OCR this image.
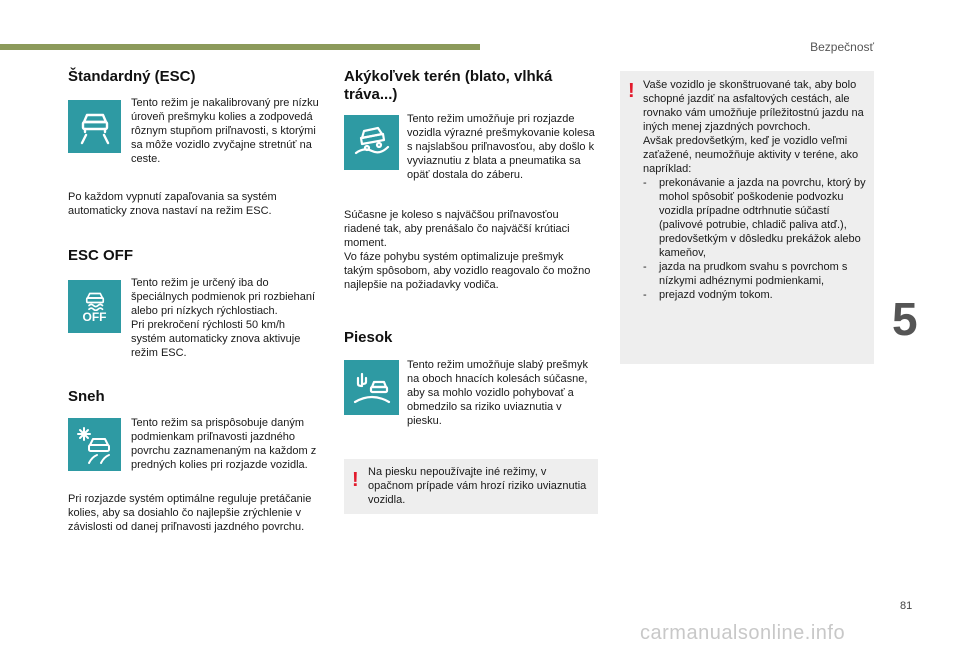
Bezpečnosť
5
81
carmanualsonline.info
Štandardný (ESC)

Tento režim je nakalibrovaný pre nízku úroveň prešmyku kolies a zodpovedá rôznym stupňom priľnavosti, s ktorými sa môže vozidlo zvyčajne stretnúť na ceste.

Po každom vypnutí zapaľovania sa systém automaticky znova nastaví na režim ESC.

ESC OFF
OFF

Tento režim je určený iba do špeciálnych podmienok pri rozbiehaní alebo pri nízkych rýchlostiach.
Pri prekročení rýchlosti 50 km/h systém automaticky znova aktivuje režim ESC.

Sneh

Tento režim sa prispôsobuje daným podmienkam priľnavosti jazdného povrchu zaznamenaným na každom z predných kolies pri rozjazde vozidla.

Pri rozjazde systém optimálne reguluje pretáčanie kolies, aby sa dosiahlo čo najlepšie zrýchlenie v závislosti od danej priľnavosti jazdného povrchu.

Akýkoľvek terén (blato, vlhká tráva...)

Tento režim umožňuje pri rozjazde vozidla výrazné prešmykovanie kolesa s najslabšou priľnavosťou, aby došlo k vyviaznutiu z blata a pneumatika sa opäť dostala do záberu.

Súčasne je koleso s najväčšou priľnavosťou riadené tak, aby prenášalo čo najväčší krútiaci moment.
Vo fáze pohybu systém optimalizuje prešmyk takým spôsobom, aby vozidlo reagovalo čo možno najlepšie na požiadavky vodiča.

Piesok

Tento režim umožňuje slabý prešmyk na oboch hnacích kolesách súčasne, aby sa mohlo vozidlo pohybovať a obmedzilo sa riziko uviaznutia v piesku.

! Na piesku nepoužívajte iné režimy, v opačnom prípade vám hrozí riziko uviaznutia vozidla.

! Vaše vozidlo je skonštruované tak, aby bolo schopné jazdiť na asfaltových cestách, ale rovnako vám umožňuje príležitostnú jazdu na iných menej zjazdných povrchoch.
Avšak predovšetkým, keď je vozidlo veľmi zaťažené, neumožňuje aktivity v teréne, ako napríklad:

- prekonávanie a jazda na povrchu, ktorý by mohol spôsobiť poškodenie podvozku vozidla prípadne odtrhnutie súčastí (palivové potrubie, chladič paliva atď.), predovšetkým v dôsledku prekážok alebo kameňov,
- jazda na prudkom svahu s povrchom s nízkymi adhéznymi podmienkami,
- prejazd vodným tokom.
